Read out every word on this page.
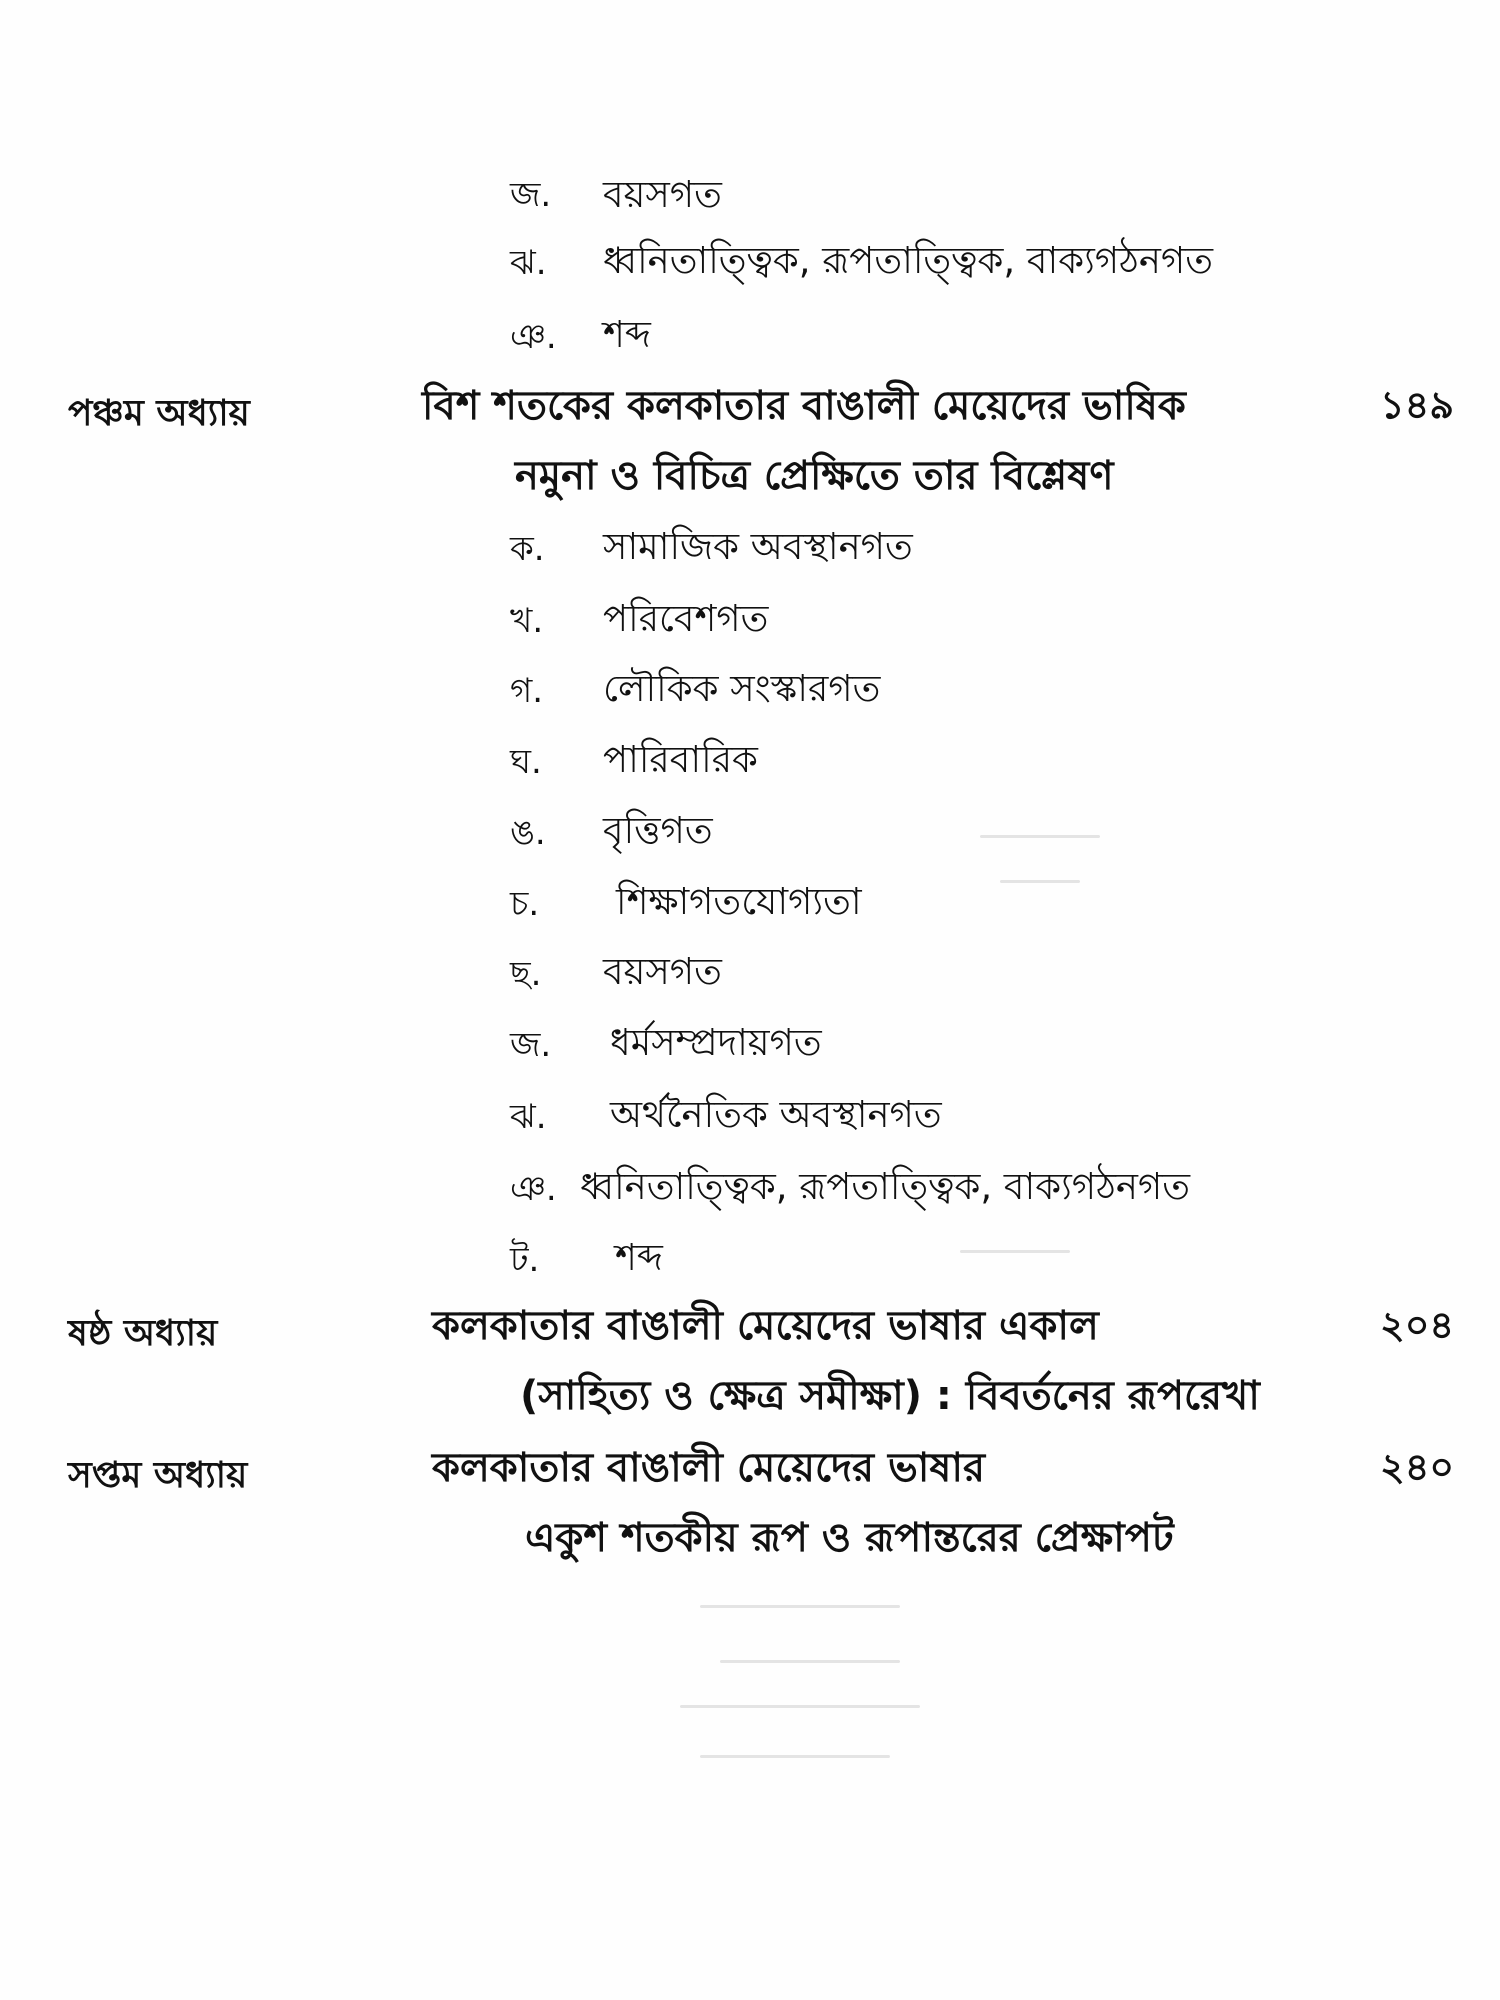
জ. বয়সগত
ঝ. ধ্বনিতাত্ত্বিক, রূপতাত্ত্বিক, বাক্যগঠনগত
ঞ. শব্দ
পঞ্চম অধ্যায়	বিশ শতকের কলকাতার বাঙালী মেয়েদের ভাষিক	১৪৯
নমুনা ও বিচিত্র প্রেক্ষিতে তার বিশ্লেষণ
ক. সামাজিক অবস্থানগত
খ. পরিবেশগত
গ. লৌকিক সংস্কারগত
ঘ. পারিবারিক
ঙ. বৃত্তিগত
চ. শিক্ষাগতযোগ্যতা
ছ. বয়সগত
জ. ধর্মসম্প্রদায়গত
ঝ. অর্থনৈতিক অবস্থানগত
ঞ. ধ্বনিতাত্ত্বিক, রূপতাত্ত্বিক, বাক্যগঠনগত
ট. শব্দ
ষষ্ঠ অধ্যায়	কলকাতার বাঙালী মেয়েদের ভাষার একাল	২০৪
(সাহিত্য ও ক্ষেত্র সমীক্ষা) : বিবর্তনের রূপরেখা
সপ্তম অধ্যায়	কলকাতার বাঙালী মেয়েদের ভাষার	২৪০
একুশ শতকীয় রূপ ও রূপান্তরের প্রেক্ষাপট
